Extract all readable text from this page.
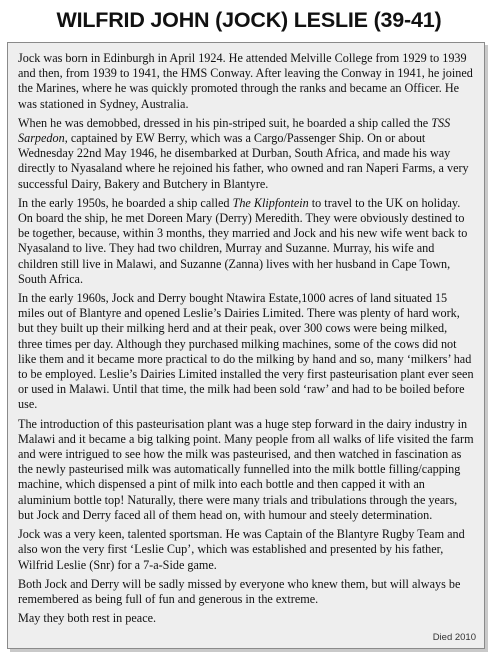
WILFRID JOHN (JOCK) LESLIE (39-41)

Jock was born in Edinburgh in April 1924. He attended Melville College from 1929 to 1939 and then, from 1939 to 1941, the HMS Conway. After leaving the Conway in 1941, he joined the Marines, where he was quickly promoted through the ranks and became an Officer. He was stationed in Sydney, Australia.

When he was demobbed, dressed in his pin-striped suit, he boarded a ship called the TSS Sarpedon, captained by EW Berry, which was a Cargo/Passenger Ship. On or about Wednesday 22nd May 1946, he disembarked at Durban, South Africa, and made his way directly to Nyasaland where he rejoined his father, who owned and ran Naperi Farms, a very successful Dairy, Bakery and Butchery in Blantyre.

In the early 1950s, he boarded a ship called The Klipfontein to travel to the UK on holiday. On board the ship, he met Doreen Mary (Derry) Meredith. They were obviously destined to be together, because, within 3 months, they married and Jock and his new wife went back to Nyasaland to live. They had two children, Murray and Suzanne. Murray, his wife and children still live in Malawi, and Suzanne (Zanna) lives with her husband in Cape Town, South Africa.

In the early 1960s, Jock and Derry bought Ntawira Estate,1000 acres of land situated 15 miles out of Blantyre and opened Leslie’s Dairies Limited. There was plenty of hard work, but they built up their milking herd and at their peak, over 300 cows were being milked, three times per day. Although they purchased milking machines, some of the cows did not like them and it became more practical to do the milking by hand and so, many ‘milkers’ had to be employed. Leslie’s Dairies Limited installed the very first pasteurisation plant ever seen or used in Malawi. Until that time, the milk had been sold ‘raw’ and had to be boiled before use.

The introduction of this pasteurisation plant was a huge step forward in the dairy industry in Malawi and it became a big talking point. Many people from all walks of life visited the farm and were intrigued to see how the milk was pasteurised, and then watched in fascination as the newly pasteurised milk was automatically funnelled into the milk bottle filling/capping machine, which dispensed a pint of milk into each bottle and then capped it with an aluminium bottle top! Naturally, there were many trials and tribulations through the years, but Jock and Derry faced all of them head on, with humour and steely determination.

Jock was a very keen, talented sportsman. He was Captain of the Blantyre Rugby Team and also won the very first ‘Leslie Cup’, which was established and presented by his father, Wilfrid Leslie (Snr) for a 7-a-Side game.

Both Jock and Derry will be sadly missed by everyone who knew them, but will always be remembered as being full of fun and generous in the extreme.

May they both rest in peace.

Died 2010
